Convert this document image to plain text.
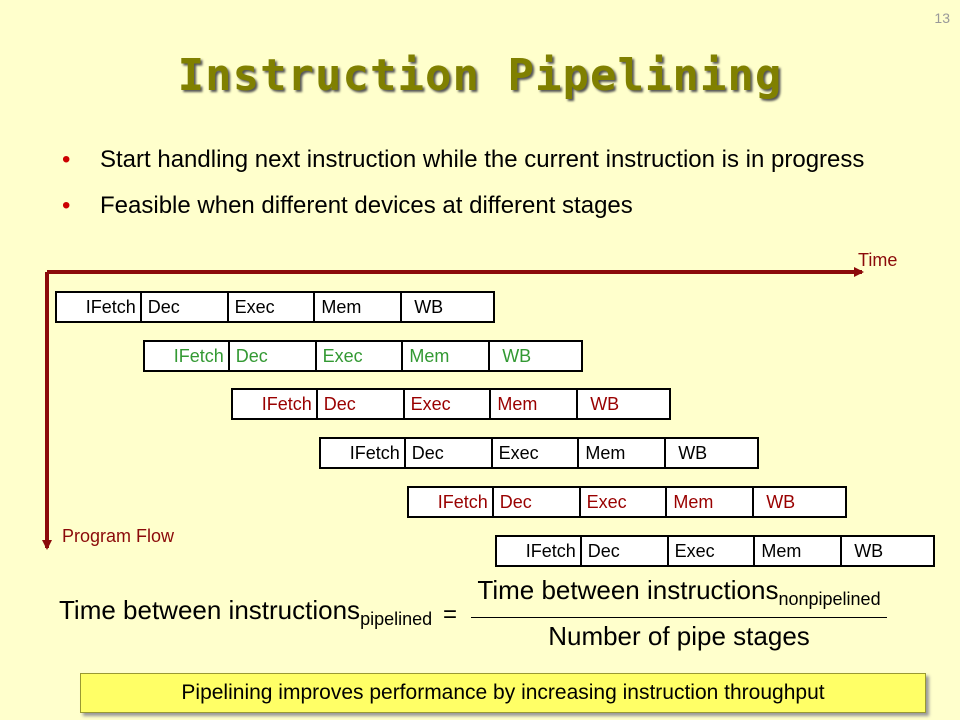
13
Instruction Pipelining
• Start handling next instruction while the current instruction is in progress
• Feasible when different devices at different stages
Time
Program Flow
IFetch Dec	Exec	Mem	WB
IFetch Dec	Exec	Mem	WB
IFetch Dec	Exec	Mem	WB
IFetch Dec	Exec	Mem	WB
IFetch Dec	Exec	Mem	WB
IFetch Dec	Exec	Mem	WB
Time between instructions$_{pipelined}$ =
Time between instructions$_{nonpipelined}$
Number of pipe stages
Pipelining improves performance by increasing instruction throughput
